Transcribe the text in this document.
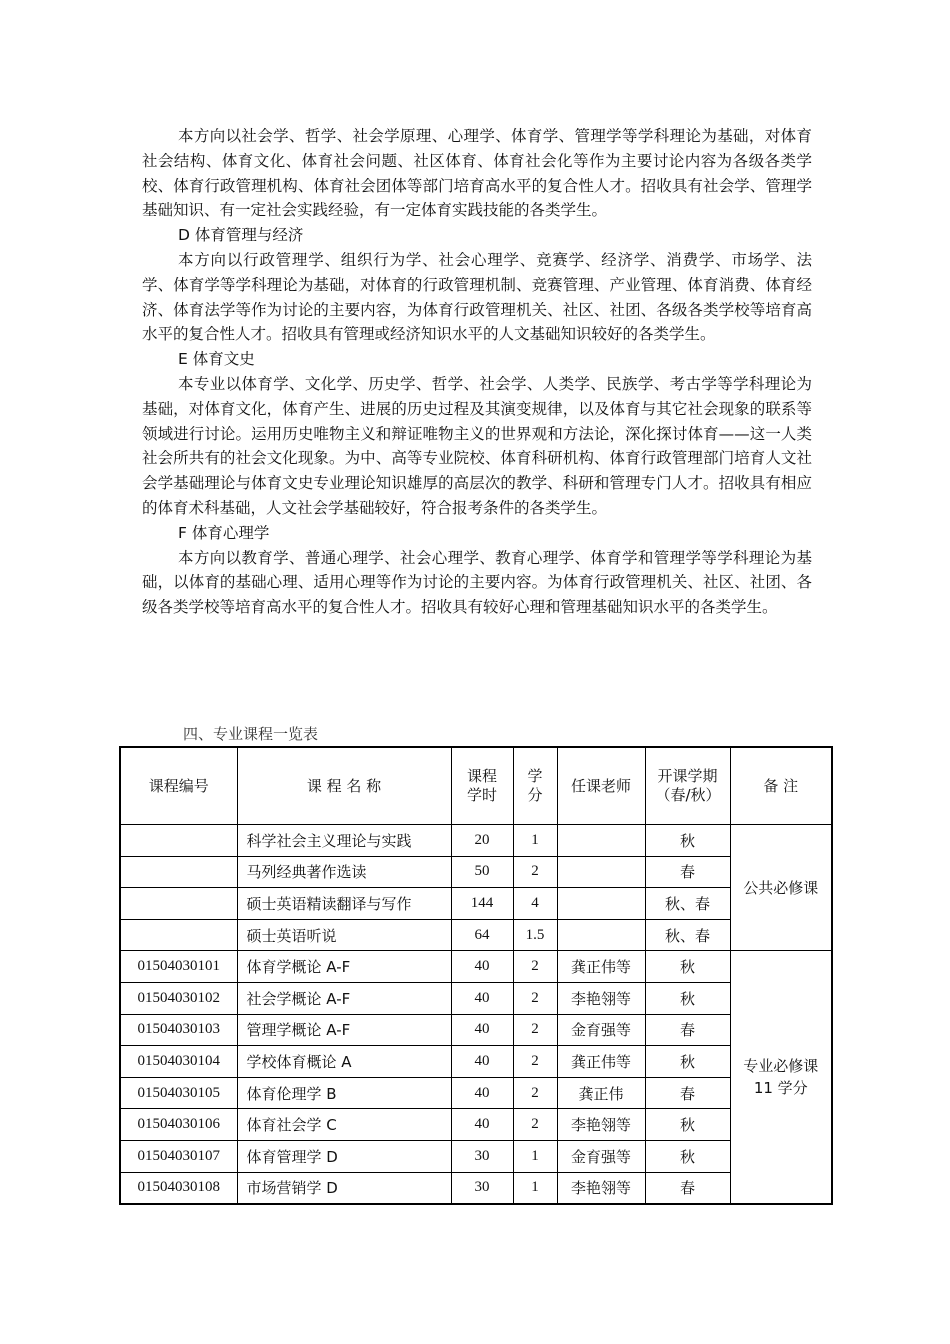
本方向以社会学、哲学、社会学原理、心理学、体育学、管理学等学科理论为基础，对体育社会结构、体育文化、体育社会问题、社区体育、体育社会化等作为主要讨论内容为各级各类学校、体育行政管理机构、体育社会团体等部门培育高水平的复合性人才。招收具有社会学、管理学基础知识、有一定社会实践经验，有一定体育实践技能的各类学生。

D 体育管理与经济

本方向以行政管理学、组织行为学、社会心理学、竞赛学、经济学、消费学、市场学、法学、体育学等学科理论为基础，对体育的行政管理机制、竞赛管理、产业管理、体育消费、体育经济、体育法学等作为讨论的主要内容，为体育行政管理机关、社区、社团、各级各类学校等培育高水平的复合性人才。招收具有管理或经济知识水平的人文基础知识较好的各类学生。

E 体育文史

本专业以体育学、文化学、历史学、哲学、社会学、人类学、民族学、考古学等学科理论为基础，对体育文化，体育产生、进展的历史过程及其演变规律，以及体育与其它社会现象的联系等领域进行讨论。运用历史唯物主义和辩证唯物主义的世界观和方法论，深化探讨体育——这一人类社会所共有的社会文化现象。为中、高等专业院校、体育科研机构、体育行政管理部门培育人文社会学基础理论与体育文史专业理论知识雄厚的高层次的教学、科研和管理专门人才。招收具有相应的体育术科基础，人文社会学基础较好，符合报考条件的各类学生。

F 体育心理学

本方向以教育学、普通心理学、社会心理学、教育心理学、体育学和管理学等学科理论为基础，以体育的基础心理、适用心理等作为讨论的主要内容。为体育行政管理机关、社区、社团、各级各类学校等培育高水平的复合性人才。招收具有较好心理和管理基础知识水平的各类学生。

四、专业课程一览表
课程编号	课 程 名 称	课程学时	学分	任课老师	开课学期（春/秋）	备 注
	科学社会主义理论与实践	20	1		秋	公共必修课
	马列经典著作选读	50	2		春	
	硕士英语精读翻译与写作	144	4		秋、春	
	硕士英语听说	64	1.5		秋、春	
01504030101	体育学概论 A-F	40	2	龚正伟等	秋	专业必修课
11 学分

01504030102	社会学概论 A-F	40	2	李艳翎等	秋	
01504030103	管理学概论 A-F	40	2	金育强等	春	
01504030104	学校体育概论 A	40	2	龚正伟等	秋	
01504030105	体育伦理学 B	40	2	龚正伟	春	
01504030106	体育社会学 C	40	2	李艳翎等	秋	
01504030107	体育管理学 D	30	1	金育强等	秋	
01504030108	市场营销学 D	30	1	李艳翎等	春	
